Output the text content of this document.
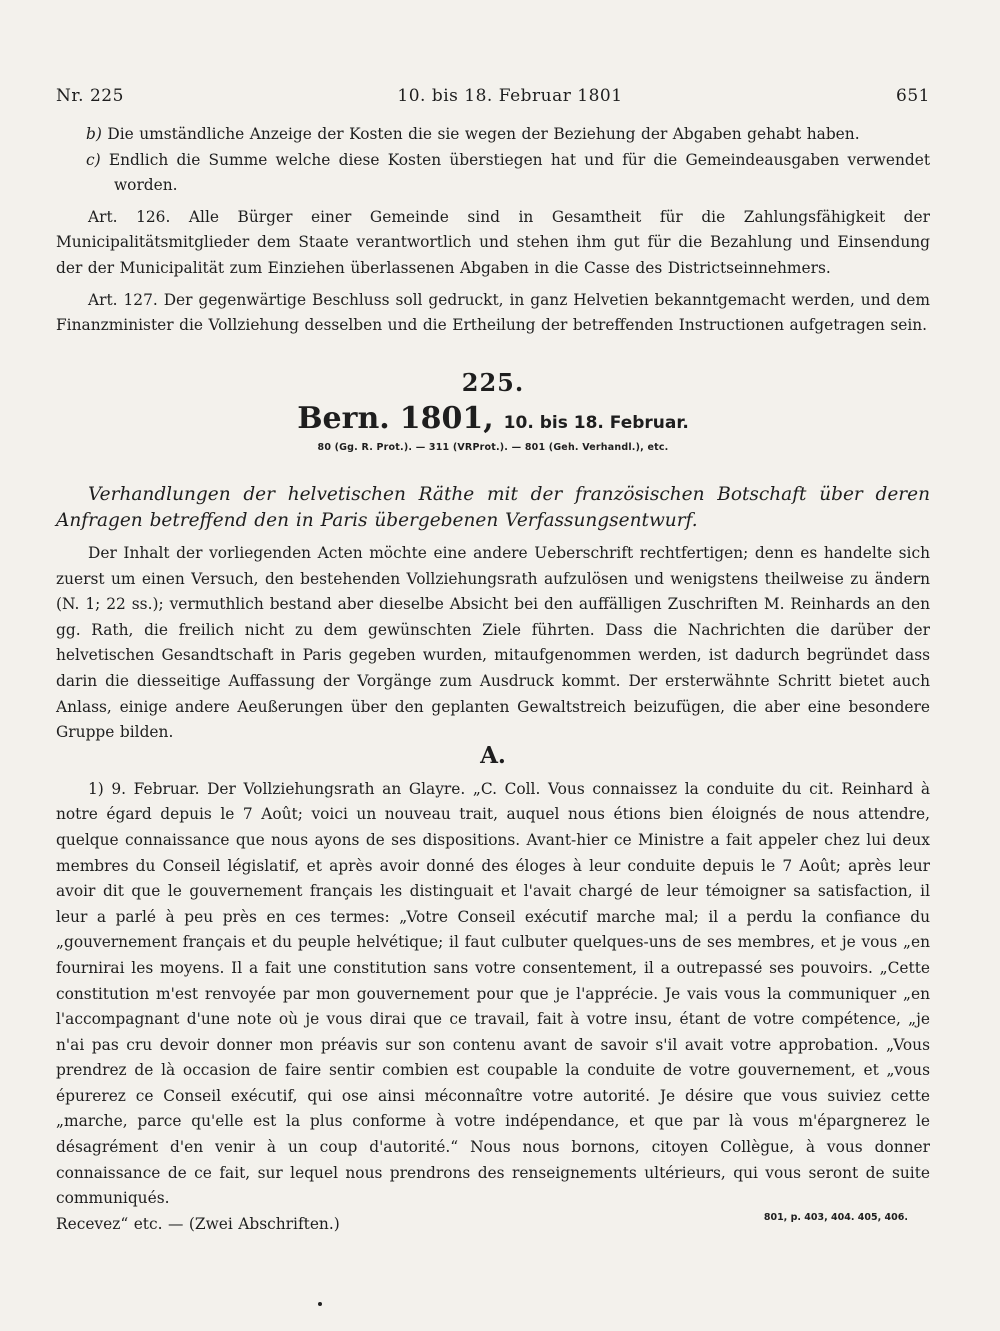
Nr. 225	10. bis 18. Februar 1801	651

b) Die umständliche Anzeige der Kosten die sie wegen der Beziehung der Abgaben gehabt haben.

c) Endlich die Summe welche diese Kosten überstiegen hat und für die Gemeindeausgaben verwendet worden.

Art. 126. Alle Bürger einer Gemeinde sind in Gesamtheit für die Zahlungsfähigkeit der Municipalitätsmitglieder dem Staate verantwortlich und stehen ihm gut für die Bezahlung und Einsendung der der Municipalität zum Einziehen überlassenen Abgaben in die Casse des Districtseinnehmers.

Art. 127. Der gegenwärtige Beschluss soll gedruckt, in ganz Helvetien bekanntgemacht werden, und dem Finanzminister die Vollziehung desselben und die Ertheilung der betreffenden Instructionen aufgetragen sein.

225.

Bern. 1801, 10. bis 18. Februar.

80 (Gg. R. Prot.). — 311 (VRProt.). — 801 (Geh. Verhandl.), etc.

Verhandlungen der helvetischen Räthe mit der französischen Botschaft über deren Anfragen betreffend den in Paris übergebenen Verfassungsentwurf.

Der Inhalt der vorliegenden Acten möchte eine andere Ueberschrift rechtfertigen; denn es handelte sich zuerst um einen Versuch, den bestehenden Vollziehungsrath aufzulösen und wenigstens theilweise zu ändern (N. 1; 22 ss.); vermuthlich bestand aber dieselbe Absicht bei den auffälligen Zuschriften M. Reinhards an den gg. Rath, die freilich nicht zu dem gewünschten Ziele führten. Dass die Nachrichten die darüber der helvetischen Gesandtschaft in Paris gegeben wurden, mitaufgenommen werden, ist dadurch begründet dass darin die diesseitige Auffassung der Vorgänge zum Ausdruck kommt. Der ersterwähnte Schritt bietet auch Anlass, einige andere Aeußerungen über den geplanten Gewaltstreich beizufügen, die aber eine besondere Gruppe bilden.

A.

1) 9. Februar. Der Vollziehungsrath an Glayre. „C. Coll. Vous connaissez la conduite du cit. Reinhard à notre égard depuis le 7 Août; voici un nouveau trait, auquel nous étions bien éloignés de nous attendre, quelque connaissance que nous ayons de ses dispositions. Avant-hier ce Ministre a fait appeler chez lui deux membres du Conseil législatif, et après avoir donné des éloges à leur conduite depuis le 7 Août; après leur avoir dit que le gouvernement français les distinguait et l'avait chargé de leur témoigner sa satisfaction, il leur a parlé à peu près en ces termes: „Votre Conseil exécutif marche mal; il a perdu la confiance du „gouvernement français et du peuple helvétique; il faut culbuter quelques-uns de ses membres, et je vous „en fournirai les moyens. Il a fait une constitution sans votre consentement, il a outrepassé ses pouvoirs. „Cette constitution m'est renvoyée par mon gouvernement pour que je l'apprécie. Je vais vous la communiquer „en l'accompagnant d'une note où je vous dirai que ce travail, fait à votre insu, étant de votre compétence, „je n'ai pas cru devoir donner mon préavis sur son contenu avant de savoir s'il avait votre approbation. „Vous prendrez de là occasion de faire sentir combien est coupable la conduite de votre gouvernement, et „vous épurerez ce Conseil exécutif, qui ose ainsi méconnaître votre autorité. Je désire que vous suiviez cette „marche, parce qu'elle est la plus conforme à votre indépendance, et que par là vous m'épargnerez le désagrément d'en venir à un coup d'autorité.“ Nous nous bornons, citoyen Collègue, à vous donner connaissance de ce fait, sur lequel nous prendrons des renseignements ultérieurs, qui vous seront de suite communiqués.

Recevez“ etc. — (Zwei Abschriften.)	801, p. 403, 404. 405, 406.
